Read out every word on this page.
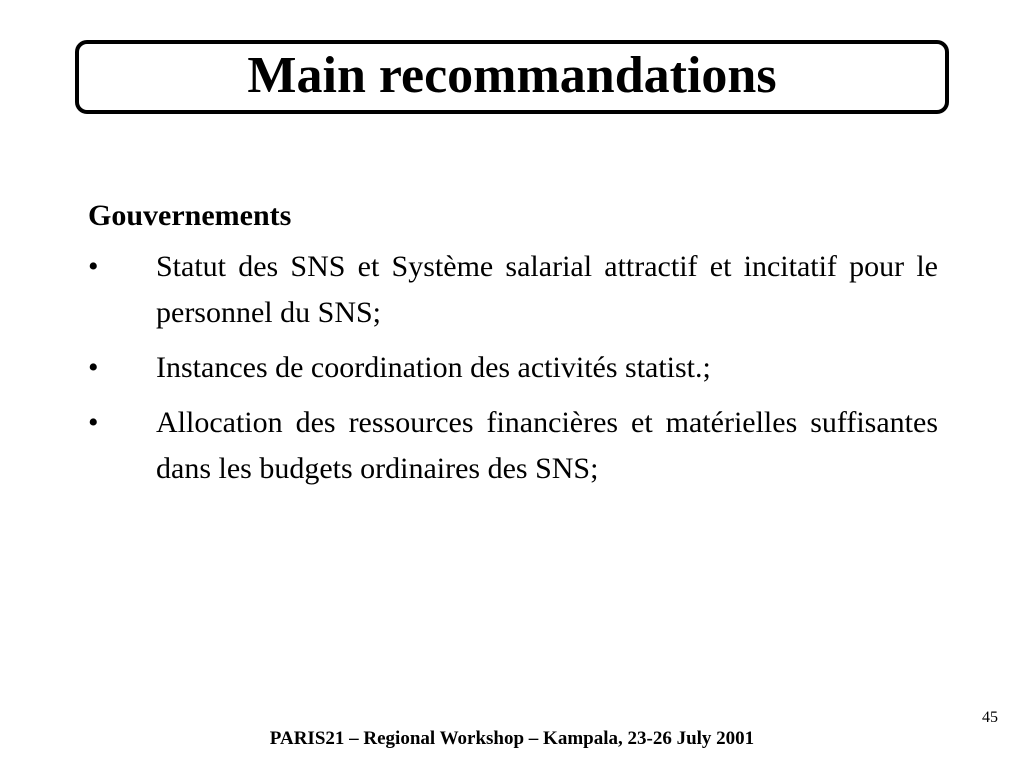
Main recommandations
Gouvernements
•	Statut des SNS et Système salarial attractif et incitatif pour le personnel du SNS;
•	Instances de coordination des activités statist.;
•	Allocation des ressources financières et matérielles suffisantes dans les budgets ordinaires des SNS;
45
PARIS21 – Regional Workshop – Kampala, 23-26 July 2001
